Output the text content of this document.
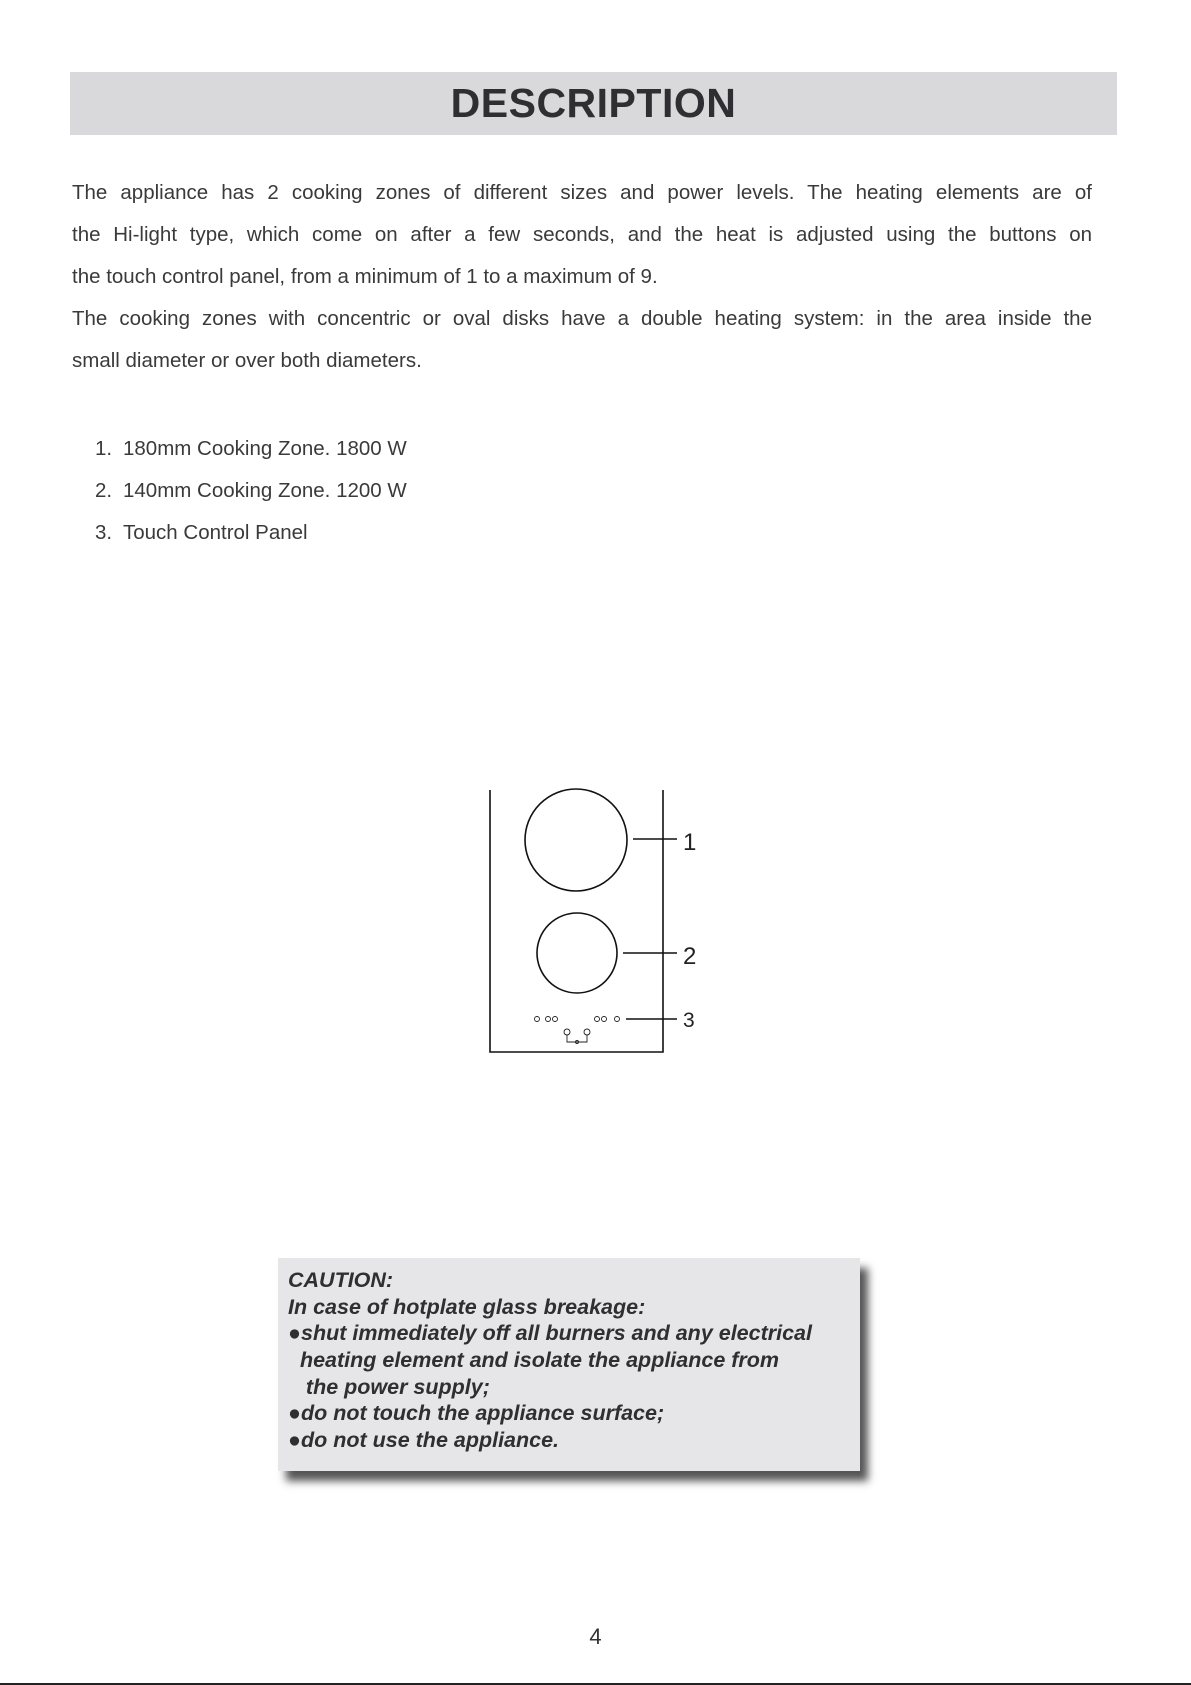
DESCRIPTION

The appliance has 2 cooking zones of different sizes and power levels. The heating elements are of

the Hi-light type, which come on after a few seconds, and the heat is adjusted using the buttons on

the touch control panel, from a minimum of 1 to a maximum of 9.

The cooking zones with concentric or oval disks have a double heating system: in the area inside the

small diameter or over both diameters.

1. 180mm Cooking Zone. 1800 W
2. 140mm Cooking Zone. 1200 W
3. Touch Control Panel
1
2
3
CAUTION:
In case of hotplate glass breakage:
●shut immediately off all burners and any electrical
heating element and isolate the appliance from
the power supply;
●do not touch the appliance surface;
●do not use the appliance.
4
